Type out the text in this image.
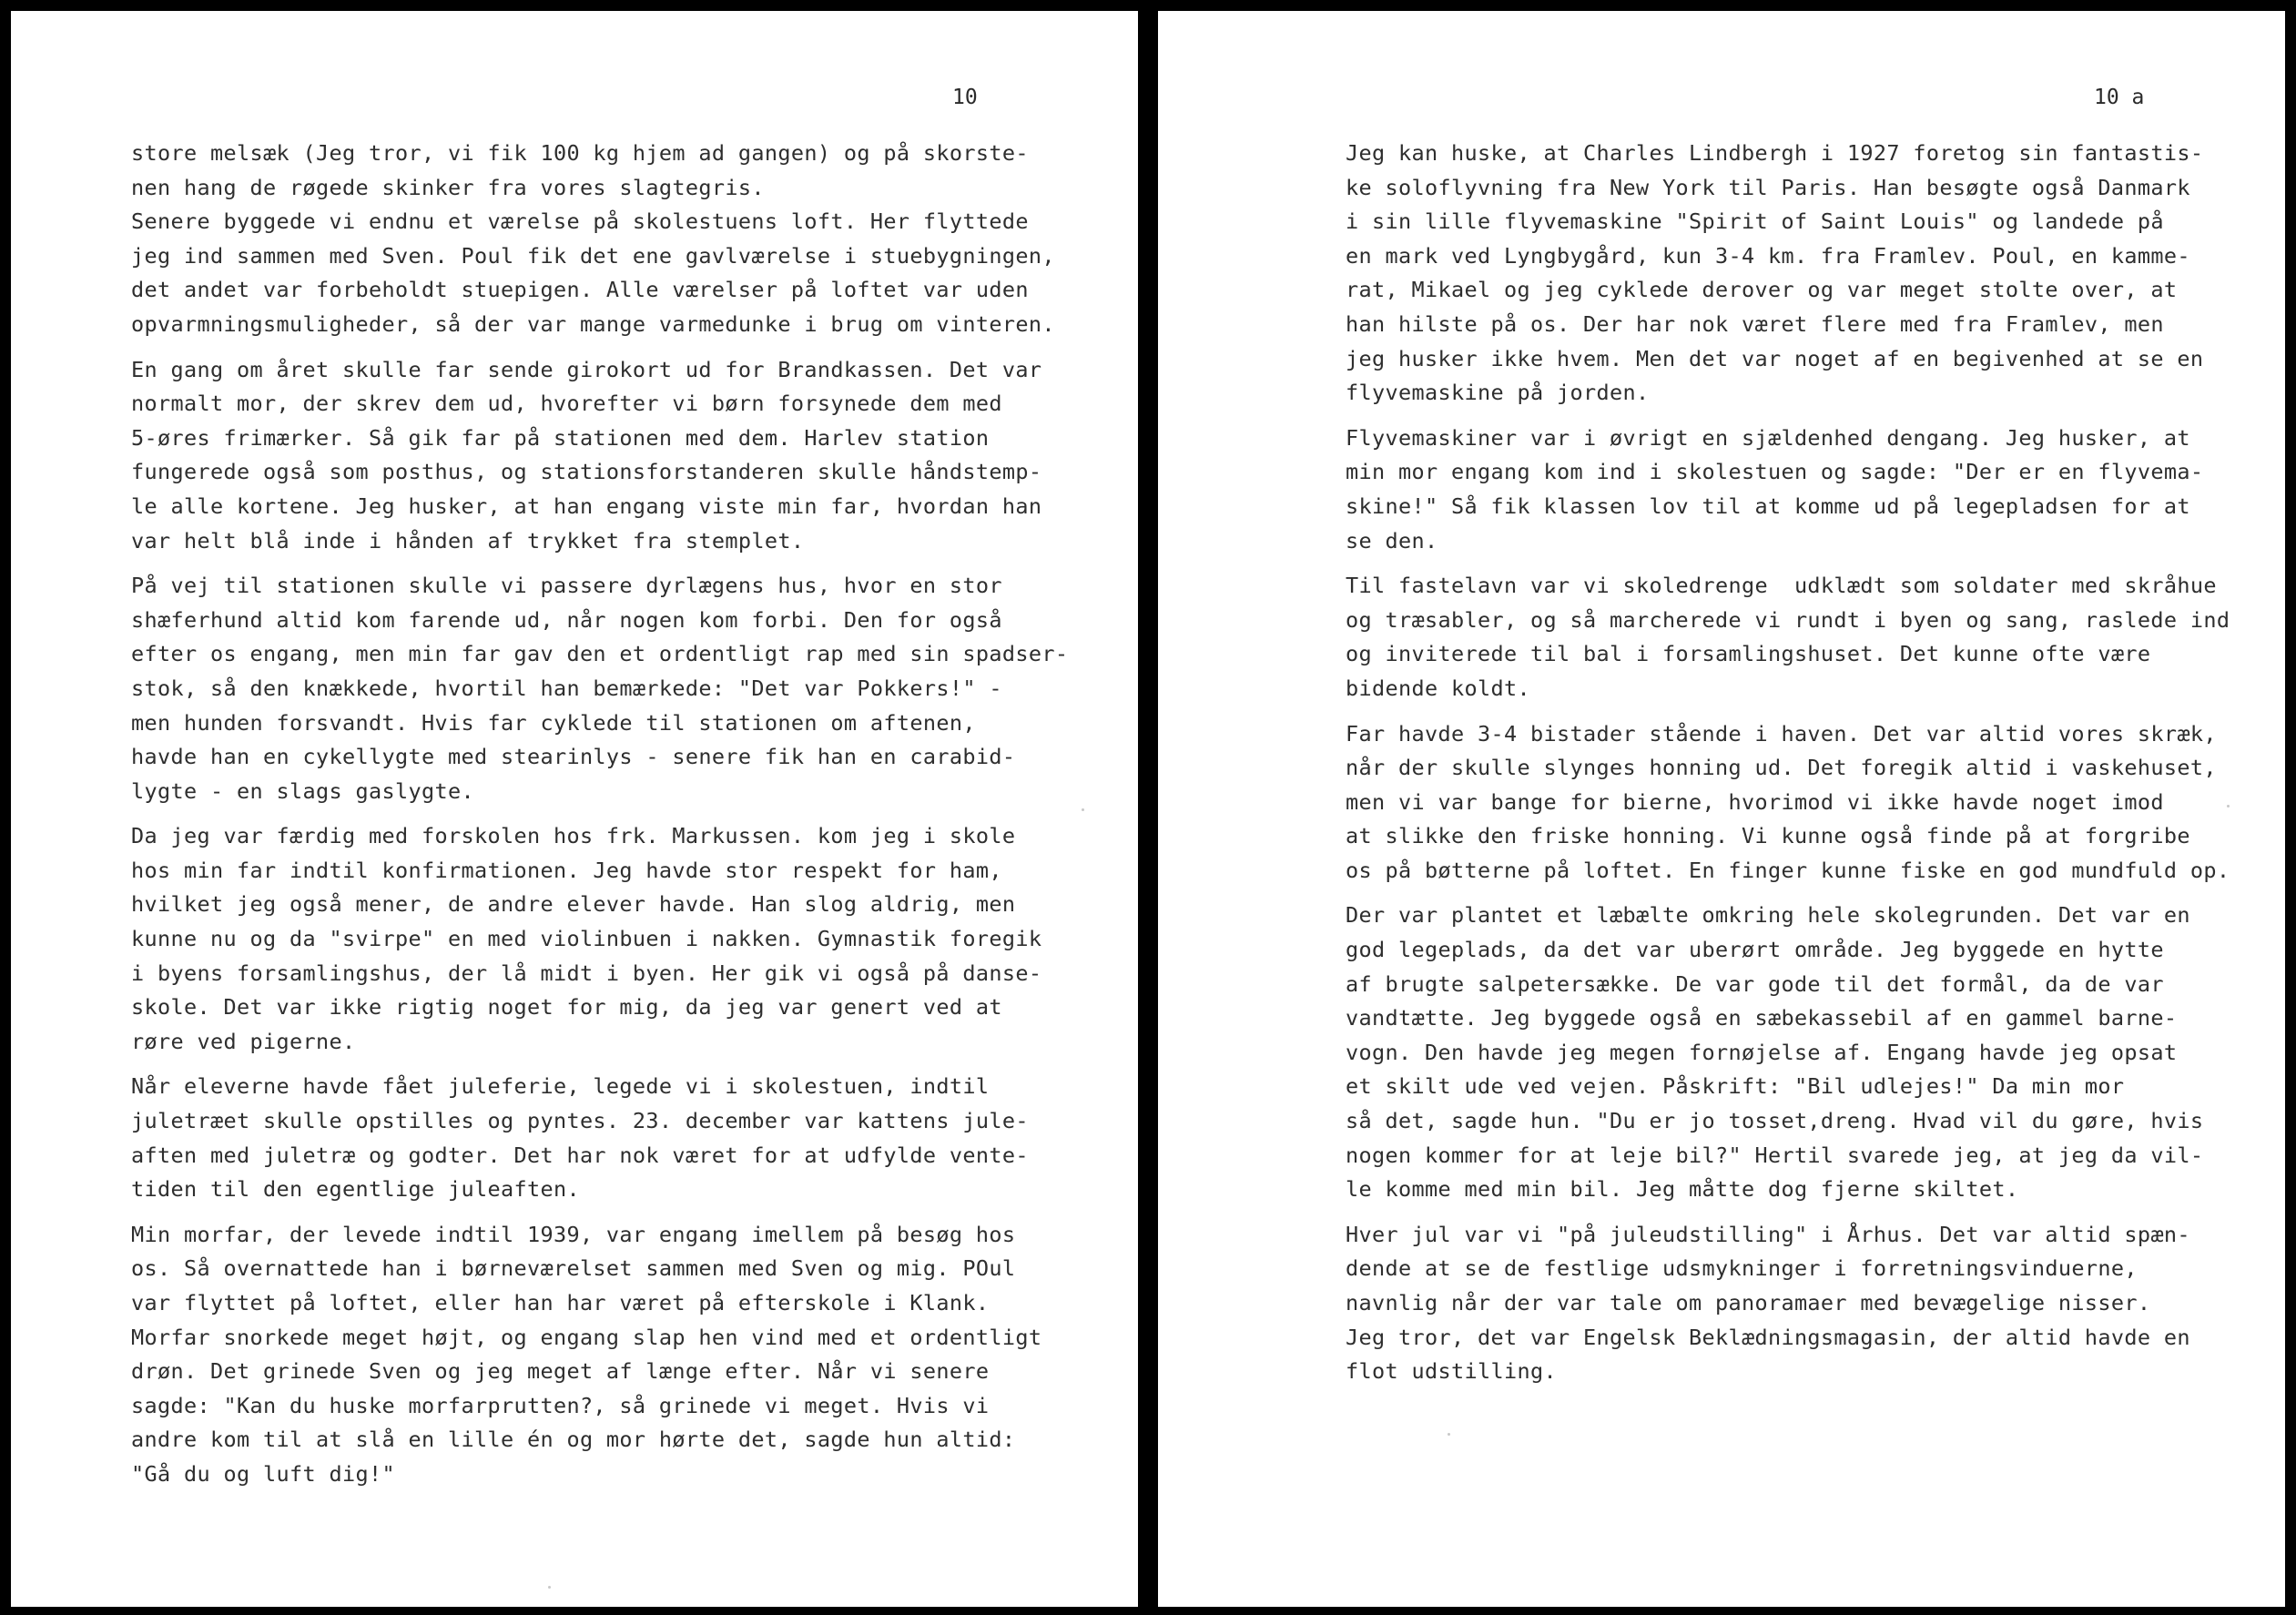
10
store melsæk (Jeg tror, vi fik 100 kg hjem ad gangen) og på skorste-
nen hang de røgede skinker fra vores slagtegris.
Senere byggede vi endnu et værelse på skolestuens loft. Her flyttede
jeg ind sammen med Sven. Poul fik det ene gavlværelse i stuebygningen,
det andet var forbeholdt stuepigen. Alle værelser på loftet var uden
opvarmningsmuligheder, så der var mange varmedunke i brug om vinteren.
En gang om året skulle far sende girokort ud for Brandkassen. Det var
normalt mor, der skrev dem ud, hvorefter vi børn forsynede dem med
5-øres frimærker. Så gik far på stationen med dem. Harlev station
fungerede også som posthus, og stationsforstanderen skulle håndstemp-
le alle kortene. Jeg husker, at han engang viste min far, hvordan han
var helt blå inde i hånden af trykket fra stemplet.
På vej til stationen skulle vi passere dyrlægens hus, hvor en stor
shæferhund altid kom farende ud, når nogen kom forbi. Den for også
efter os engang, men min far gav den et ordentligt rap med sin spadser-
stok, så den knækkede, hvortil han bemærkede: "Det var Pokkers!" -
men hunden forsvandt. Hvis far cyklede til stationen om aftenen,
havde han en cykellygte med stearinlys - senere fik han en carabid-
lygte - en slags gaslygte.
Da jeg var færdig med forskolen hos frk. Markussen. kom jeg i skole
hos min far indtil konfirmationen. Jeg havde stor respekt for ham,
hvilket jeg også mener, de andre elever havde. Han slog aldrig, men
kunne nu og da "svirpe" en med violinbuen i nakken. Gymnastik foregik
i byens forsamlingshus, der lå midt i byen. Her gik vi også på danse-
skole. Det var ikke rigtig noget for mig, da jeg var genert ved at
røre ved pigerne.
Når eleverne havde fået juleferie, legede vi i skolestuen, indtil
juletræet skulle opstilles og pyntes. 23. december var kattens jule-
aften med juletræ og godter. Det har nok været for at udfylde vente-
tiden til den egentlige juleaften.
Min morfar, der levede indtil 1939, var engang imellem på besøg hos
os. Så overnattede han i børneværelset sammen med Sven og mig. POul
var flyttet på loftet, eller han har været på efterskole i Klank.
Morfar snorkede meget højt, og engang slap hen vind med et ordentligt
drøn. Det grinede Sven og jeg meget af længe efter. Når vi senere
sagde: "Kan du huske morfarprutten?, så grinede vi meget. Hvis vi
andre kom til at slå en lille én og mor hørte det, sagde hun altid:
"Gå du og luft dig!"
10 a
Jeg kan huske, at Charles Lindbergh i 1927 foretog sin fantastis-
ke soloflyvning fra New York til Paris. Han besøgte også Danmark
i sin lille flyvemaskine "Spirit of Saint Louis" og landede på
en mark ved Lyngbygård, kun 3-4 km. fra Framlev. Poul, en kamme-
rat, Mikael og jeg cyklede derover og var meget stolte over, at
han hilste på os. Der har nok været flere med fra Framlev, men
jeg husker ikke hvem. Men det var noget af en begivenhed at se en
flyvemaskine på jorden.
Flyvemaskiner var i øvrigt en sjældenhed dengang. Jeg husker, at
min mor engang kom ind i skolestuen og sagde: "Der er en flyvema-
skine!" Så fik klassen lov til at komme ud på legepladsen for at
se den.
Til fastelavn var vi skoledrenge  udklædt som soldater med skråhue
og træsabler, og så marcherede vi rundt i byen og sang, raslede ind
og inviterede til bal i forsamlingshuset. Det kunne ofte være
bidende koldt.
Far havde 3-4 bistader stående i haven. Det var altid vores skræk,
når der skulle slynges honning ud. Det foregik altid i vaskehuset,
men vi var bange for bierne, hvorimod vi ikke havde noget imod
at slikke den friske honning. Vi kunne også finde på at forgribe
os på bøtterne på loftet. En finger kunne fiske en god mundfuld op.
Der var plantet et læbælte omkring hele skolegrunden. Det var en
god legeplads, da det var uberørt område. Jeg byggede en hytte
af brugte salpetersække. De var gode til det formål, da de var
vandtætte. Jeg byggede også en sæbekassebil af en gammel barne-
vogn. Den havde jeg megen fornøjelse af. Engang havde jeg opsat
et skilt ude ved vejen. Påskrift: "Bil udlejes!" Da min mor
så det, sagde hun. "Du er jo tosset,dreng. Hvad vil du gøre, hvis
nogen kommer for at leje bil?" Hertil svarede jeg, at jeg da vil-
le komme med min bil. Jeg måtte dog fjerne skiltet.
Hver jul var vi "på juleudstilling" i Århus. Det var altid spæn-
dende at se de festlige udsmykninger i forretningsvinduerne,
navnlig når der var tale om panoramaer med bevægelige nisser.
Jeg tror, det var Engelsk Beklædningsmagasin, der altid havde en
flot udstilling.
